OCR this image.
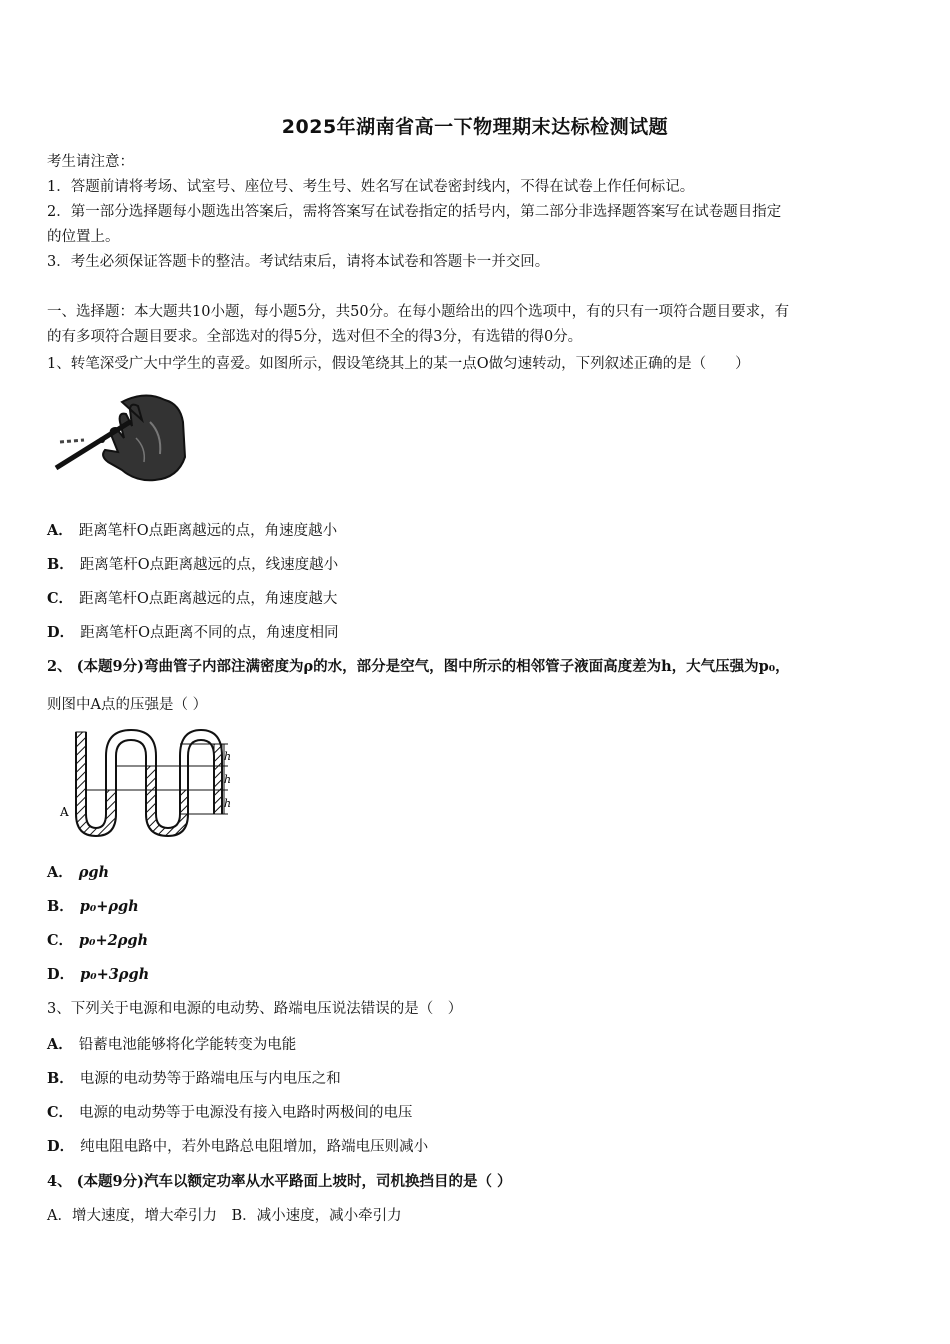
2025年湖南省高一下物理期末达标检测试题
考生请注意：
1．答题前请将考场、试室号、座位号、考生号、姓名写在试卷密封线内，不得在试卷上作任何标记。
2．第一部分选择题每小题选出答案后，需将答案写在试卷指定的括号内，第二部分非选择题答案写在试卷题目指定
的位置上。
3．考生必须保证答题卡的整洁。考试结束后，请将本试卷和答题卡一并交回。
一、选择题：本大题共10小题，每小题5分，共50分。在每小题给出的四个选项中，有的只有一项符合题目要求，有
的有多项符合题目要求。全部选对的得5分，选对但不全的得3分，有选错的得0分。
1、转笔深受广大中学生的喜爱。如图所示，假设笔绕其上的某一点O做匀速转动，下列叙述正确的是（　　）
A． 距离笔杆O点距离越远的点，角速度越小
B． 距离笔杆O点距离越远的点，线速度越小
C． 距离笔杆O点距离越远的点，角速度越大
D． 距离笔杆O点距离不同的点，角速度相同
2、 (本题9分)弯曲管子内部注满密度为ρ的水，部分是空气，图中所示的相邻管子液面高度差为h，大气压强为p₀，
则图中A点的压强是（ ）
h
h
h
A
A． ρgh
B． p₀+ρgh
C． p₀+2ρgh
D． p₀+3ρgh
3、下列关于电源和电源的电动势、路端电压说法错误的是（　）
A． 铅蓄电池能够将化学能转变为电能
B． 电源的电动势等于路端电压与内电压之和
C． 电源的电动势等于电源没有接入电路时两极间的电压
D． 纯电阻电路中，若外电路总电阻增加，路端电压则减小
4、 (本题9分)汽车以额定功率从水平路面上坡时，司机换挡目的是（ ）
A．增大速度，增大牵引力　B．减小速度，减小牵引力
